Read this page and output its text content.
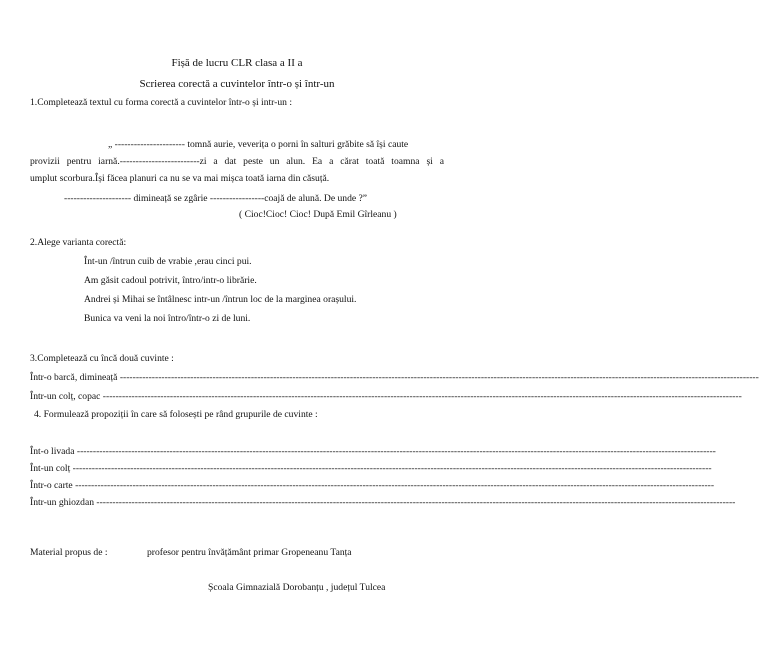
Fișă de lucru CLR clasa a II a
Scrierea corectă a cuvintelor într-o și într-un
1.Completează textul cu forma corectă a cuvintelor într-o și intr-un :
„ ---------------------- tomnă aurie, veverița o porni în salturi grăbite să își caute
provizii pentru iarnă.-------------------------zi a dat peste un alun. Ea a cărat toată toamna și a
umplut scorbura.Își făcea planuri ca nu se va mai mișca toată iarna din căsuță.
--------------------- dimineață se zgârie -----------------coajă de alună. De unde ?”
( Cioc!Cioc! Cioc! După Emil Gîrleanu )
2.Alege varianta corectă:
Înt-un /întrun cuib de vrabie ,erau cinci pui.
Am găsit cadoul potrivit, întro/intr-o librărie.
Andrei și Mihai se întâlnesc intr-un /întrun loc de la marginea orașului.
Bunica va veni la noi întro/într-o zi de luni.
3.Completează cu încă două cuvinte :
Într-o barcă, dimineață --------------------------------------------------------------------------------------------------------------------------------------------------------------------------------------------------------
Într-un colț, copac --------------------------------------------------------------------------------------------------------------------------------------------------------------------------------------------------------
4. Formulează propoziții în care să folosești pe rând grupurile de cuvinte :
Înt-o livada --------------------------------------------------------------------------------------------------------------------------------------------------------------------------------------------------------
Înt-un colț --------------------------------------------------------------------------------------------------------------------------------------------------------------------------------------------------------
Într-o carte --------------------------------------------------------------------------------------------------------------------------------------------------------------------------------------------------------
Într-un ghiozdan --------------------------------------------------------------------------------------------------------------------------------------------------------------------------------------------------------
Material propus de :	profesor pentru învățământ primar Gropeneanu Tanța
Școala Gimnazială Dorobanțu , județul Tulcea
